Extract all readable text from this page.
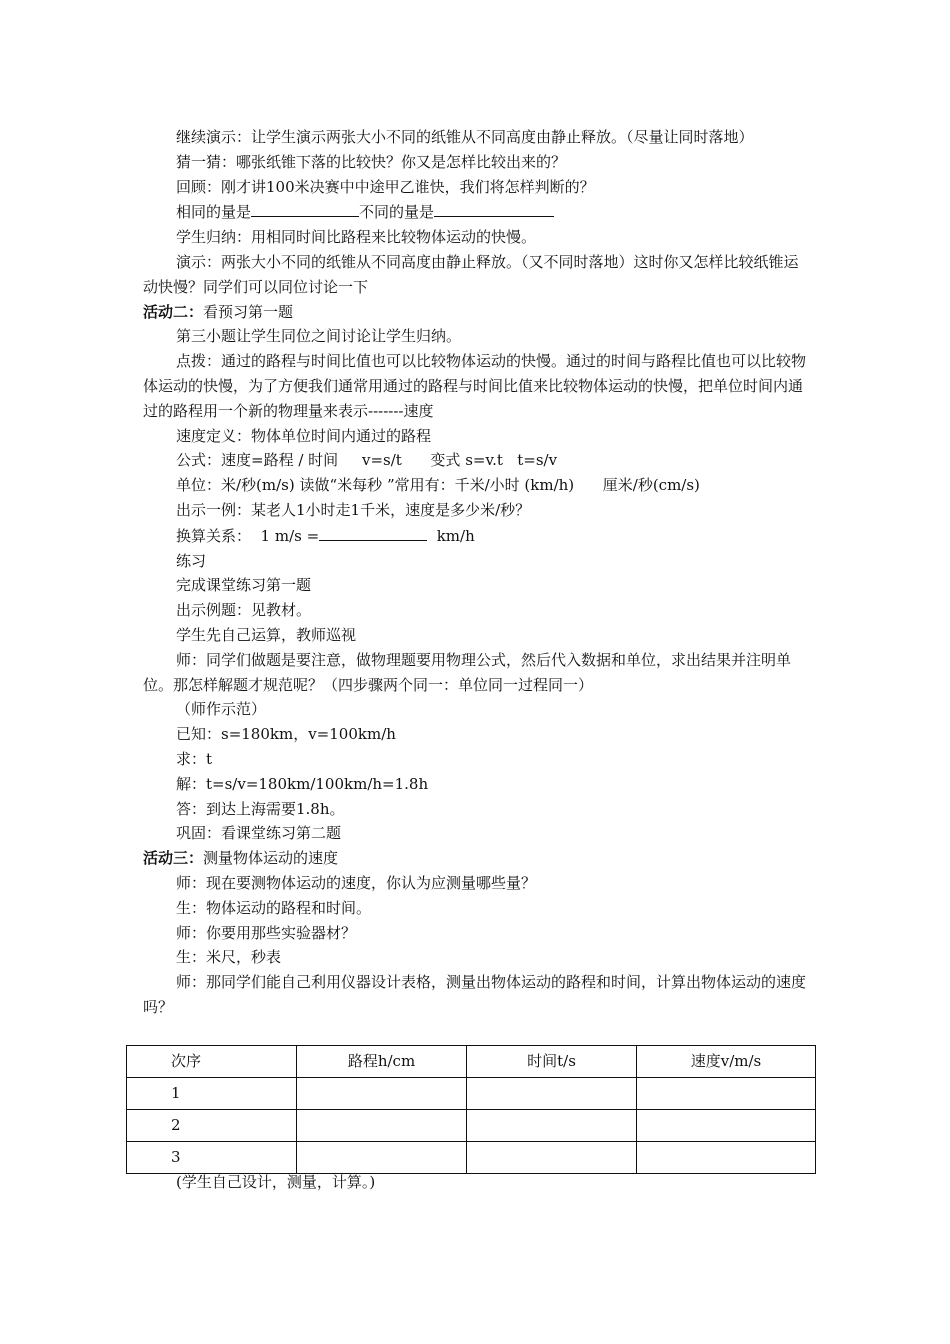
继续演示：让学生演示两张大小不同的纸锥从不同高度由静止释放。（尽量让同时落地）

猜一猜：哪张纸锥下落的比较快？你又是怎样比较出来的？

回顾：刚才讲100米决赛中中途甲乙谁快，我们将怎样判断的？

相同的量是	不同的量是

学生归纳：用相同时间比路程来比较物体运动的快慢。

演示：两张大小不同的纸锥从不同高度由静止释放。（又不同时落地）这时你又怎样比较纸锥运动快慢？同学们可以同位讨论一下

活动二：看预习第一题

第三小题让学生同位之间讨论让学生归纳。

点拨：通过的路程与时间比值也可以比较物体运动的快慢。通过的时间与路程比值也可以比较物体运动的快慢，为了方便我们通常用通过的路程与时间比值来比较物体运动的快慢，把单位时间内通过的路程用一个新的物理量来表示-------速度

速度定义：物体单位时间内通过的路程

公式：速度=路程 / 时间     v=s/t      变式 s=v.t   t=s/v

单位：米/秒(m/s) 读做“米每秒 ”常用有：千米/小时 (km/h)      厘米/秒(cm/s)

出示一例：某老人1小时走1千米，速度是多少米/秒？

换算关系：  1 m/s =	km/h

练习

完成课堂练习第一题

出示例题：见教材。

学生先自己运算，教师巡视

师：同学们做题是要注意，做物理题要用物理公式，然后代入数据和单位，求出结果并注明单位。那怎样解题才规范呢？（四步骤两个同一：单位同一过程同一）

（师作示范）

已知：s=180km，v=100km/h

求：t

解：t=s/v=180km/100km/h=1.8h

答：到达上海需要1.8h。

巩固：看课堂练习第二题

活动三：测量物体运动的速度

师：现在要测物体运动的速度，你认为应测量哪些量？

生：物体运动的路程和时间。

师：你要用那些实验器材？

生：米尺，秒表

师：那同学们能自己利用仪器设计表格，测量出物体运动的路程和时间，计算出物体运动的速度吗？

次序	路程h/cm	时间t/s	速度v/m/s
1			
2			
3			

(学生自己设计，测量，计算。)
